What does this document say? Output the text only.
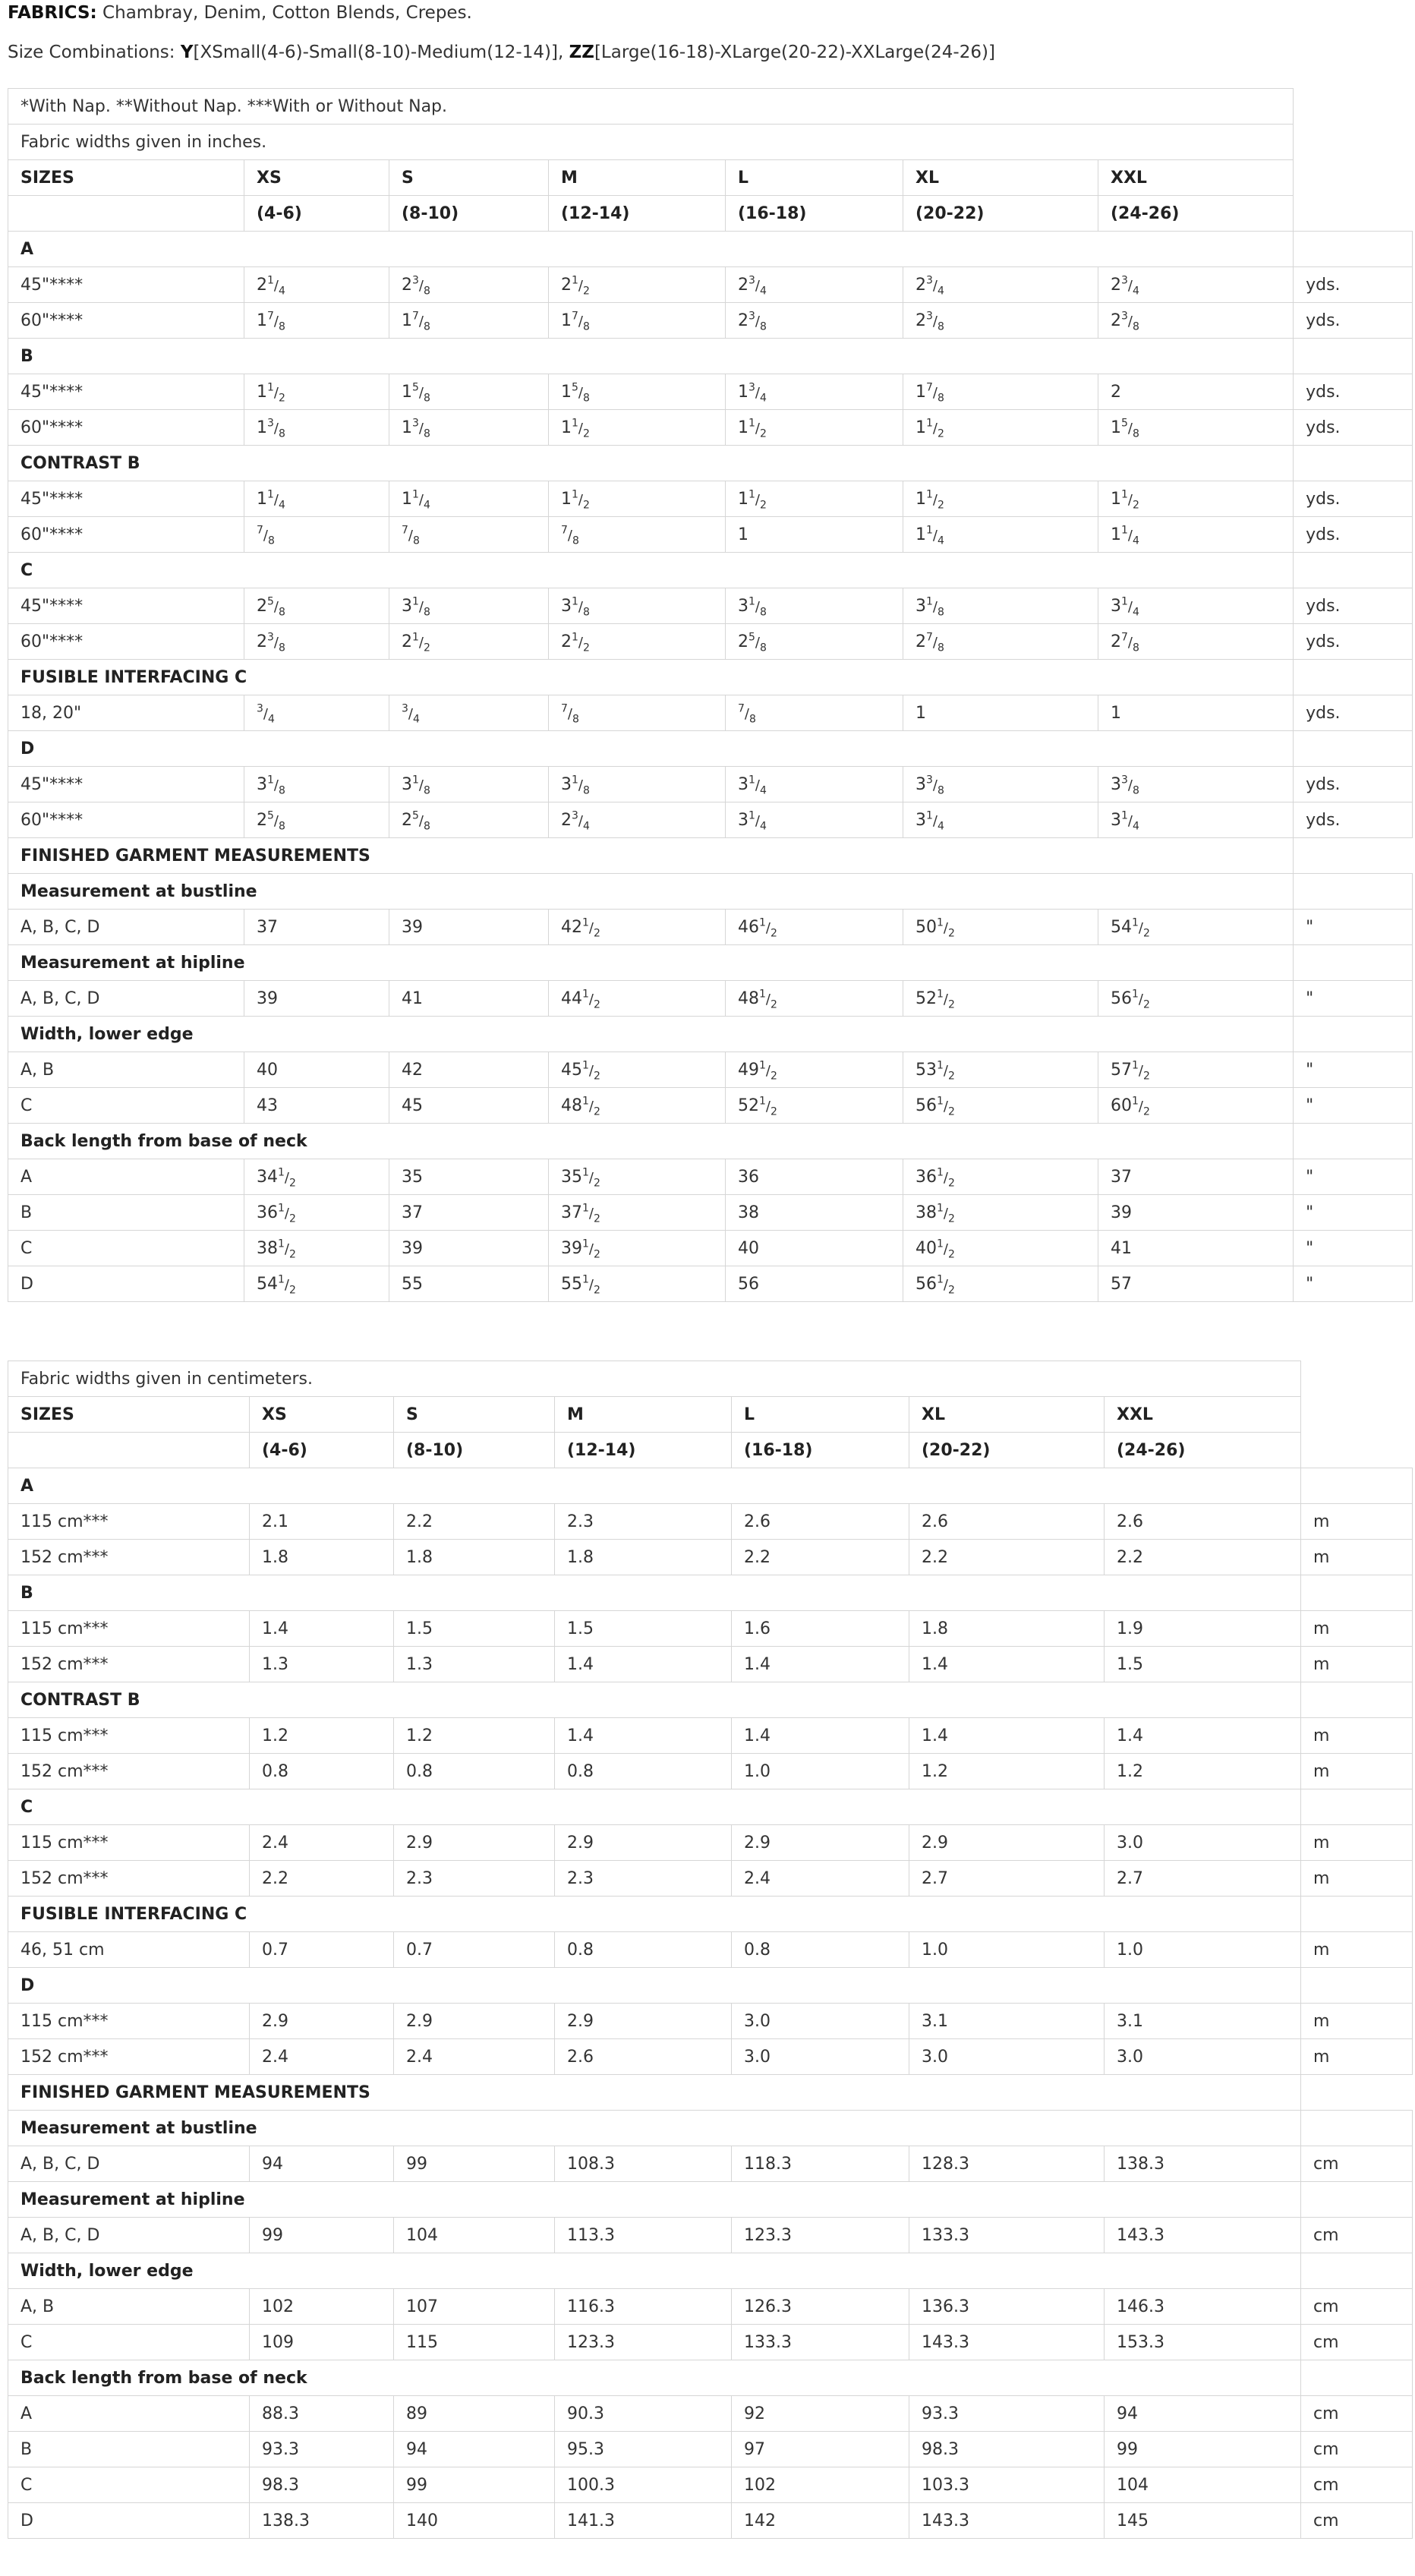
FABRICS: Chambray, Denim, Cotton Blends, Crepes.
Size Combinations: Y[XSmall(4-6)-Small(8-10)-Medium(12-14)], ZZ[Large(16-18)-XLarge(20-22)-XXLarge(24-26)]
*With Nap. **Without Nap. ***With or Without Nap.							
Fabric widths given in inches.							
SIZES	XS	S	M	L	XL	XXL	
	(4-6)	(8-10)	(12-14)	(16-18)	(20-22)	(24-26)	
A							
45"****	$2^1/_4$	$2^3/_8$	$2^1/_2$	$2^3/_4$	$2^3/_4$	$2^3/_4$	yds.
60"****	$1^7/_8$	$1^7/_8$	$1^7/_8$	$2^3/_8$	$2^3/_8$	$2^3/_8$	yds.
B							
45"****	$1^1/_2$	$1^5/_8$	$1^5/_8$	$1^3/_4$	$1^7/_8$	2	yds.
60"****	$1^3/_8$	$1^3/_8$	$1^1/_2$	$1^1/_2$	$1^1/_2$	$1^5/_8$	yds.
CONTRAST B							
45"****	$1^1/_4$	$1^1/_4$	$1^1/_2$	$1^1/_2$	$1^1/_2$	$1^1/_2$	yds.
60"****	$^7/_8$	$^7/_8$	$^7/_8$	1	$1^1/_4$	$1^1/_4$	yds.
C							
45"****	$2^5/_8$	$3^1/_8$	$3^1/_8$	$3^1/_8$	$3^1/_8$	$3^1/_4$	yds.
60"****	$2^3/_8$	$2^1/_2$	$2^1/_2$	$2^5/_8$	$2^7/_8$	$2^7/_8$	yds.
FUSIBLE INTERFACING C							
18, 20"	$^3/_4$	$^3/_4$	$^7/_8$	$^7/_8$	1	1	yds.
D							
45"****	$3^1/_8$	$3^1/_8$	$3^1/_8$	$3^1/_4$	$3^3/_8$	$3^3/_8$	yds.
60"****	$2^5/_8$	$2^5/_8$	$2^3/_4$	$3^1/_4$	$3^1/_4$	$3^1/_4$	yds.
FINISHED GARMENT MEASUREMENTS							
Measurement at bustline							
A, B, C, D	37	39	$42^1/_2$	$46^1/_2$	$50^1/_2$	$54^1/_2$	"
Measurement at hipline							
A, B, C, D	39	41	$44^1/_2$	$48^1/_2$	$52^1/_2$	$56^1/_2$	"
Width, lower edge							
A, B	40	42	$45^1/_2$	$49^1/_2$	$53^1/_2$	$57^1/_2$	"
C	43	45	$48^1/_2$	$52^1/_2$	$56^1/_2$	$60^1/_2$	"
Back length from base of neck							
A	$34^1/_2$	35	$35^1/_2$	36	$36^1/_2$	37	"
B	$36^1/_2$	37	$37^1/_2$	38	$38^1/_2$	39	"
C	$38^1/_2$	39	$39^1/_2$	40	$40^1/_2$	41	"
D	$54^1/_2$	55	$55^1/_2$	56	$56^1/_2$	57	"
Fabric widths given in centimeters.							
SIZES	XS	S	M	L	XL	XXL	
	(4-6)	(8-10)	(12-14)	(16-18)	(20-22)	(24-26)	
A							
115 cm***	2.1	2.2	2.3	2.6	2.6	2.6	m
152 cm***	1.8	1.8	1.8	2.2	2.2	2.2	m
B							
115 cm***	1.4	1.5	1.5	1.6	1.8	1.9	m
152 cm***	1.3	1.3	1.4	1.4	1.4	1.5	m
CONTRAST B							
115 cm***	1.2	1.2	1.4	1.4	1.4	1.4	m
152 cm***	0.8	0.8	0.8	1.0	1.2	1.2	m
C							
115 cm***	2.4	2.9	2.9	2.9	2.9	3.0	m
152 cm***	2.2	2.3	2.3	2.4	2.7	2.7	m
FUSIBLE INTERFACING C							
46, 51 cm	0.7	0.7	0.8	0.8	1.0	1.0	m
D							
115 cm***	2.9	2.9	2.9	3.0	3.1	3.1	m
152 cm***	2.4	2.4	2.6	3.0	3.0	3.0	m
FINISHED GARMENT MEASUREMENTS							
Measurement at bustline							
A, B, C, D	94	99	108.3	118.3	128.3	138.3	cm
Measurement at hipline							
A, B, C, D	99	104	113.3	123.3	133.3	143.3	cm
Width, lower edge							
A, B	102	107	116.3	126.3	136.3	146.3	cm
C	109	115	123.3	133.3	143.3	153.3	cm
Back length from base of neck							
A	88.3	89	90.3	92	93.3	94	cm
B	93.3	94	95.3	97	98.3	99	cm
C	98.3	99	100.3	102	103.3	104	cm
D	138.3	140	141.3	142	143.3	145	cm
